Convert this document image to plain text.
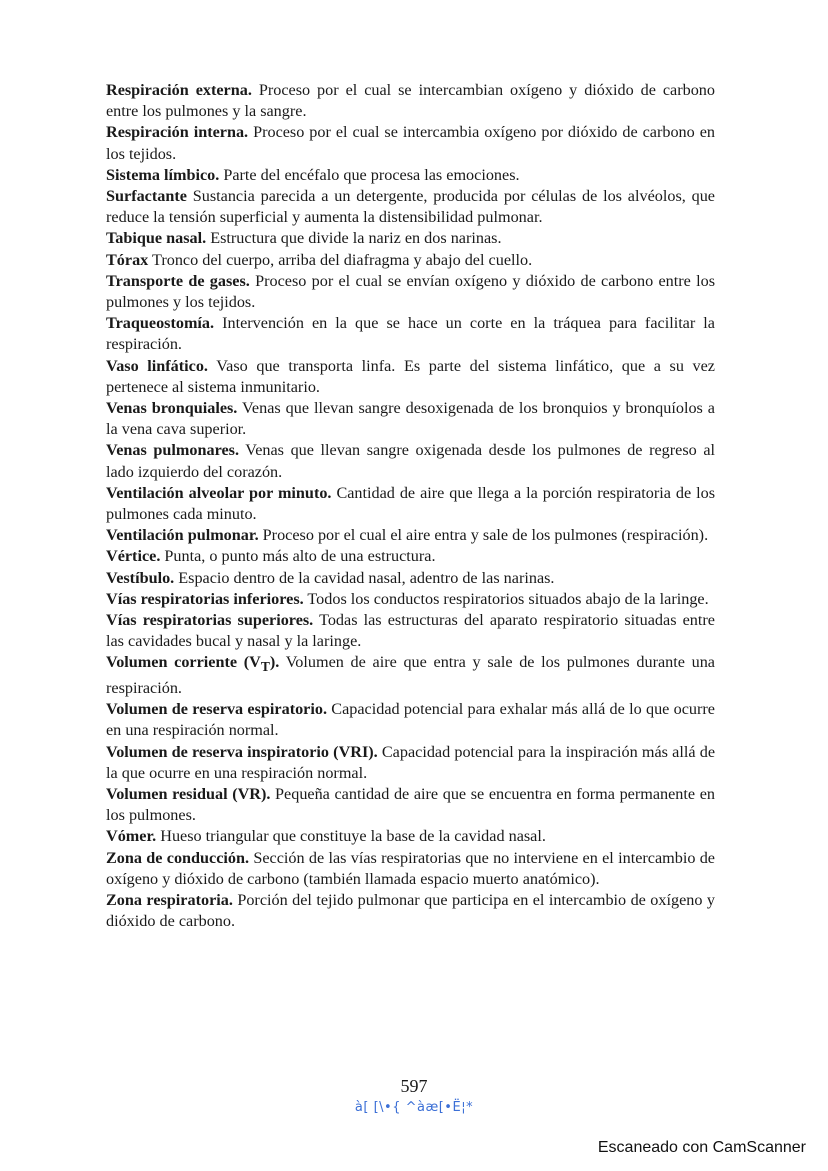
Respiración externa. Proceso por el cual se intercambian oxígeno y dióxido de carbono entre los pulmones y la sangre.

Respiración interna. Proceso por el cual se intercambia oxígeno por dióxido de carbono en los tejidos.

Sistema límbico. Parte del encéfalo que procesa las emociones.

Surfactante Sustancia parecida a un detergente, producida por células de los alvéolos, que reduce la tensión superficial y aumenta la distensibilidad pulmonar.

Tabique nasal. Estructura que divide la nariz en dos narinas.

Tórax Tronco del cuerpo, arriba del diafragma y abajo del cuello.

Transporte de gases. Proceso por el cual se envían oxígeno y dióxido de carbono entre los pulmones y los tejidos.

Traqueostomía. Intervención en la que se hace un corte en la tráquea para facilitar la respiración.

Vaso linfático. Vaso que transporta linfa. Es parte del sistema linfático, que a su vez pertenece al sistema inmunitario.

Venas bronquiales. Venas que llevan sangre desoxigenada de los bronquios y bronquíolos a la vena cava superior.

Venas pulmonares. Venas que llevan sangre oxigenada desde los pulmones de regreso al lado izquierdo del corazón.

Ventilación alveolar por minuto. Cantidad de aire que llega a la porción respiratoria de los pulmones cada minuto.

Ventilación pulmonar. Proceso por el cual el aire entra y sale de los pulmones (respiración).

Vértice. Punta, o punto más alto de una estructura.

Vestíbulo. Espacio dentro de la cavidad nasal, adentro de las narinas.

Vías respiratorias inferiores. Todos los conductos respiratorios situados abajo de la laringe.

Vías respiratorias superiores. Todas las estructuras del aparato respiratorio situadas entre las cavidades bucal y nasal y la laringe.

Volumen corriente $(V_T)$. Volumen de aire que entra y sale de los pulmones durante una respiración.

Volumen de reserva espiratorio. Capacidad potencial para exhalar más allá de lo que ocurre en una respiración normal.

Volumen de reserva inspiratorio (VRI). Capacidad potencial para la inspiración más allá de la que ocurre en una respiración normal.

Volumen residual (VR). Pequeña cantidad de aire que se encuentra en forma permanente en los pulmones.

Vómer. Hueso triangular que constituye la base de la cavidad nasal.

Zona de conducción. Sección de las vías respiratorias que no interviene en el intercambio de oxígeno y dióxido de carbono (también llamada espacio muerto anatómico).

Zona respiratoria. Porción del tejido pulmonar que participa en el intercambio de oxígeno y dióxido de carbono.

597
à[ [\•{ ^àæ[•Ë¦*
Escaneado con CamScanner
